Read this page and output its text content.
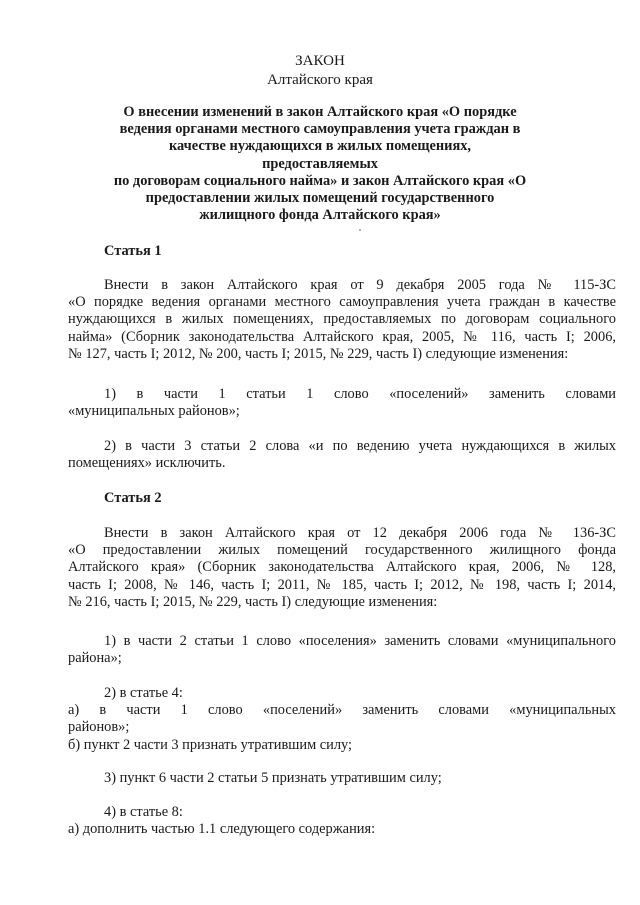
ЗАКОН
Алтайского края
О внесении изменений в закон Алтайского края «О порядке
ведения органами местного самоуправления учета граждан в
качестве нуждающихся в жилых помещениях, предоставляемых
по договорам социального найма» и закон Алтайского края «О
предоставлении жилых помещений государственного
жилищного фонда Алтайского края»
Статья 1
Внести в закон Алтайского края от 9 декабря 2005 года № 115-ЗС
«О порядке ведения органами местного самоуправления учета граждан в качестве
нуждающихся в жилых помещениях, предоставляемых по договорам социального
найма» (Сборник законодательства Алтайского края, 2005, № 116, часть I; 2006,
№ 127, часть I; 2012, № 200, часть I; 2015, № 229, часть I) следующие изменения:
1) в части 1 статьи 1 слово «поселений» заменить словами
«муниципальных районов»;
2) в части 3 статьи 2 слова «и по ведению учета нуждающихся в жилых
помещениях» исключить.
Статья 2
Внести в закон Алтайского края от 12 декабря 2006 года № 136-ЗС
«О предоставлении жилых помещений государственного жилищного фонда
Алтайского края» (Сборник законодательства Алтайского края, 2006, № 128,
часть I; 2008, № 146, часть I; 2011, № 185, часть I; 2012, № 198, часть I; 2014,
№ 216, часть I; 2015, № 229, часть I) следующие изменения:
1) в части 2 статьи 1 слово «поселения» заменить словами «муниципального
района»;
2) в статье 4:
а) в части 1 слово «поселений» заменить словами «муниципальных
районов»;
б) пункт 2 части 3 признать утратившим силу;
3) пункт 6 части 2 статьи 5 признать утратившим силу;
4) в статье 8:
а) дополнить частью 1.1 следующего содержания:
